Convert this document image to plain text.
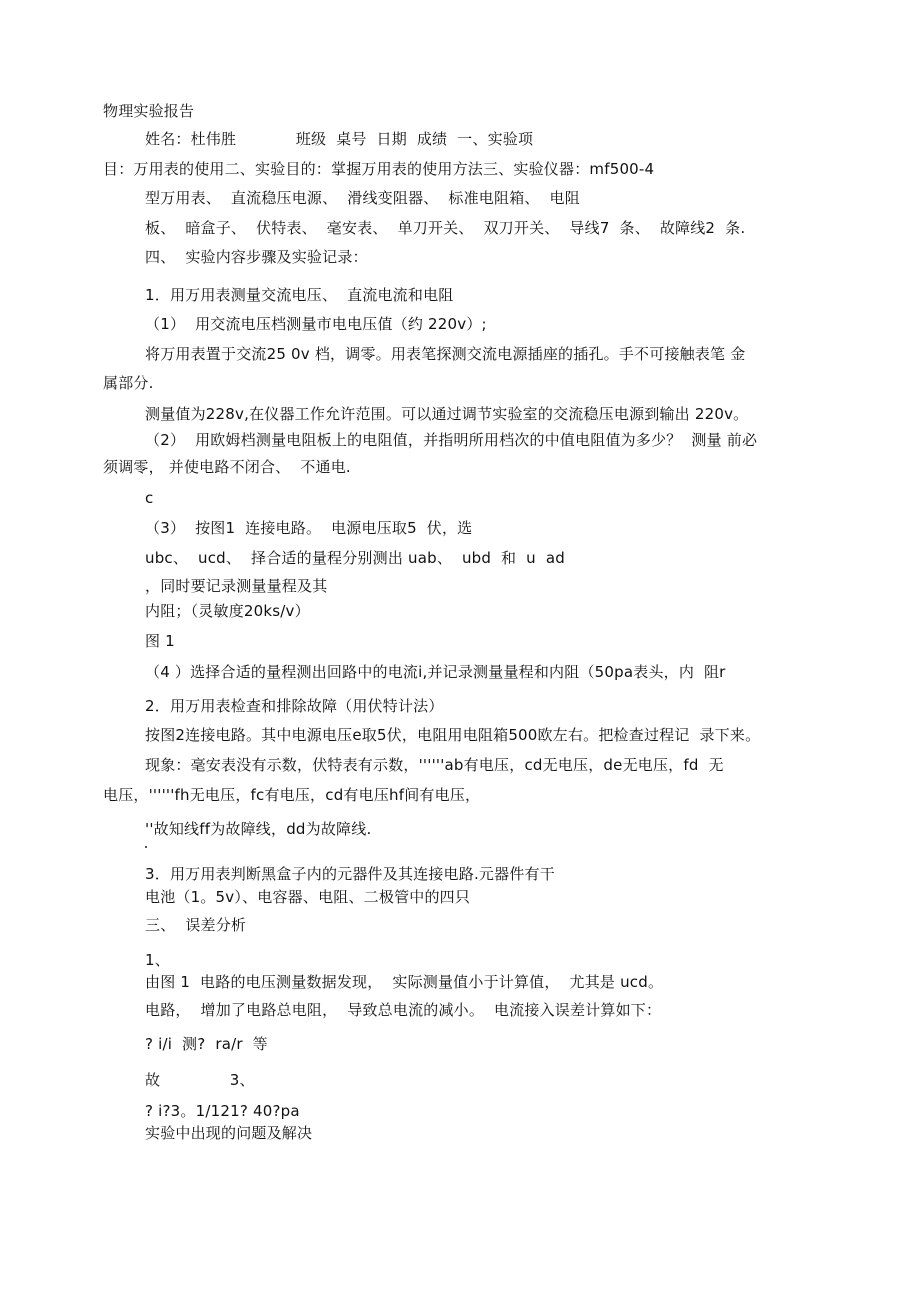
物理实验报告
姓名：杜伟胜            班级  桌号  日期  成绩  一、实验项
目：万用表的使用二、实验目的：掌握万用表的使用方法三、实验仪器：mf500-4
型万用表、  直流稳压电源、  滑线变阻器、  标准电阻箱、  电阻
板、  暗盒子、  伏特表、  毫安表、  单刀开关、  双刀开关、  导线7  条、  故障线2  条.
四、  实验内容步骤及实验记录：
1．用万用表测量交流电压、  直流电流和电阻
（1）  用交流电压档测量市电电压值（约 220v）;
将万用表置于交流25 0v 档，调零。用表笔探测交流电源插座的插孔。手不可接触表笔 金
属部分.
测量值为228v,在仪器工作允许范围。可以通过调节实验室的交流稳压电源到输出 220v。
（2）  用欧姆档测量电阻板上的电阻值，并指明所用档次的中值电阻值为多少？  测量 前必
须调零， 并使电路不闭合、  不通电.
c
（3）  按图1  连接电路。  电源电压取5  伏，选
ubc、  ucd、  择合适的量程分别测出 uab、  ubd  和  u  ad
，同时要记录测量量程及其
内阻；（灵敏度20ks/v）
图 1
（4 ）选择合适的量程测出回路中的电流i,并记录测量量程和内阻（50pa表头，内  阻r
2．用万用表检查和排除故障（用伏特计法）
按图2连接电路。其中电源电压e取5伏，电阻用电阻箱500欧左右。把检查过程记  录下来。
现象：毫安表没有示数，伏特表有示数，''''''ab有电压，cd无电压，de无电压，fd  无
电压，''''''fh无电压，fc有电压，cd有电压hf间有电压，
''故知线ff为故障线，dd为故障线.
3．用万用表判断黑盒子内的元器件及其连接电路.元器件有干
电池（1。5v）、电容器、电阻、二极管中的四只
三、  误差分析
1、
由图 1  电路的电压测量数据发现，  实际测量值小于计算值，  尤其是 ucd。
电路，  增加了电路总电阻，  导致总电流的减小。  电流接入误差计算如下：
? i/i  测?  ra/r  等
故              3、
? i?3。1/121? 40?pa
实验中出现的问题及解决
